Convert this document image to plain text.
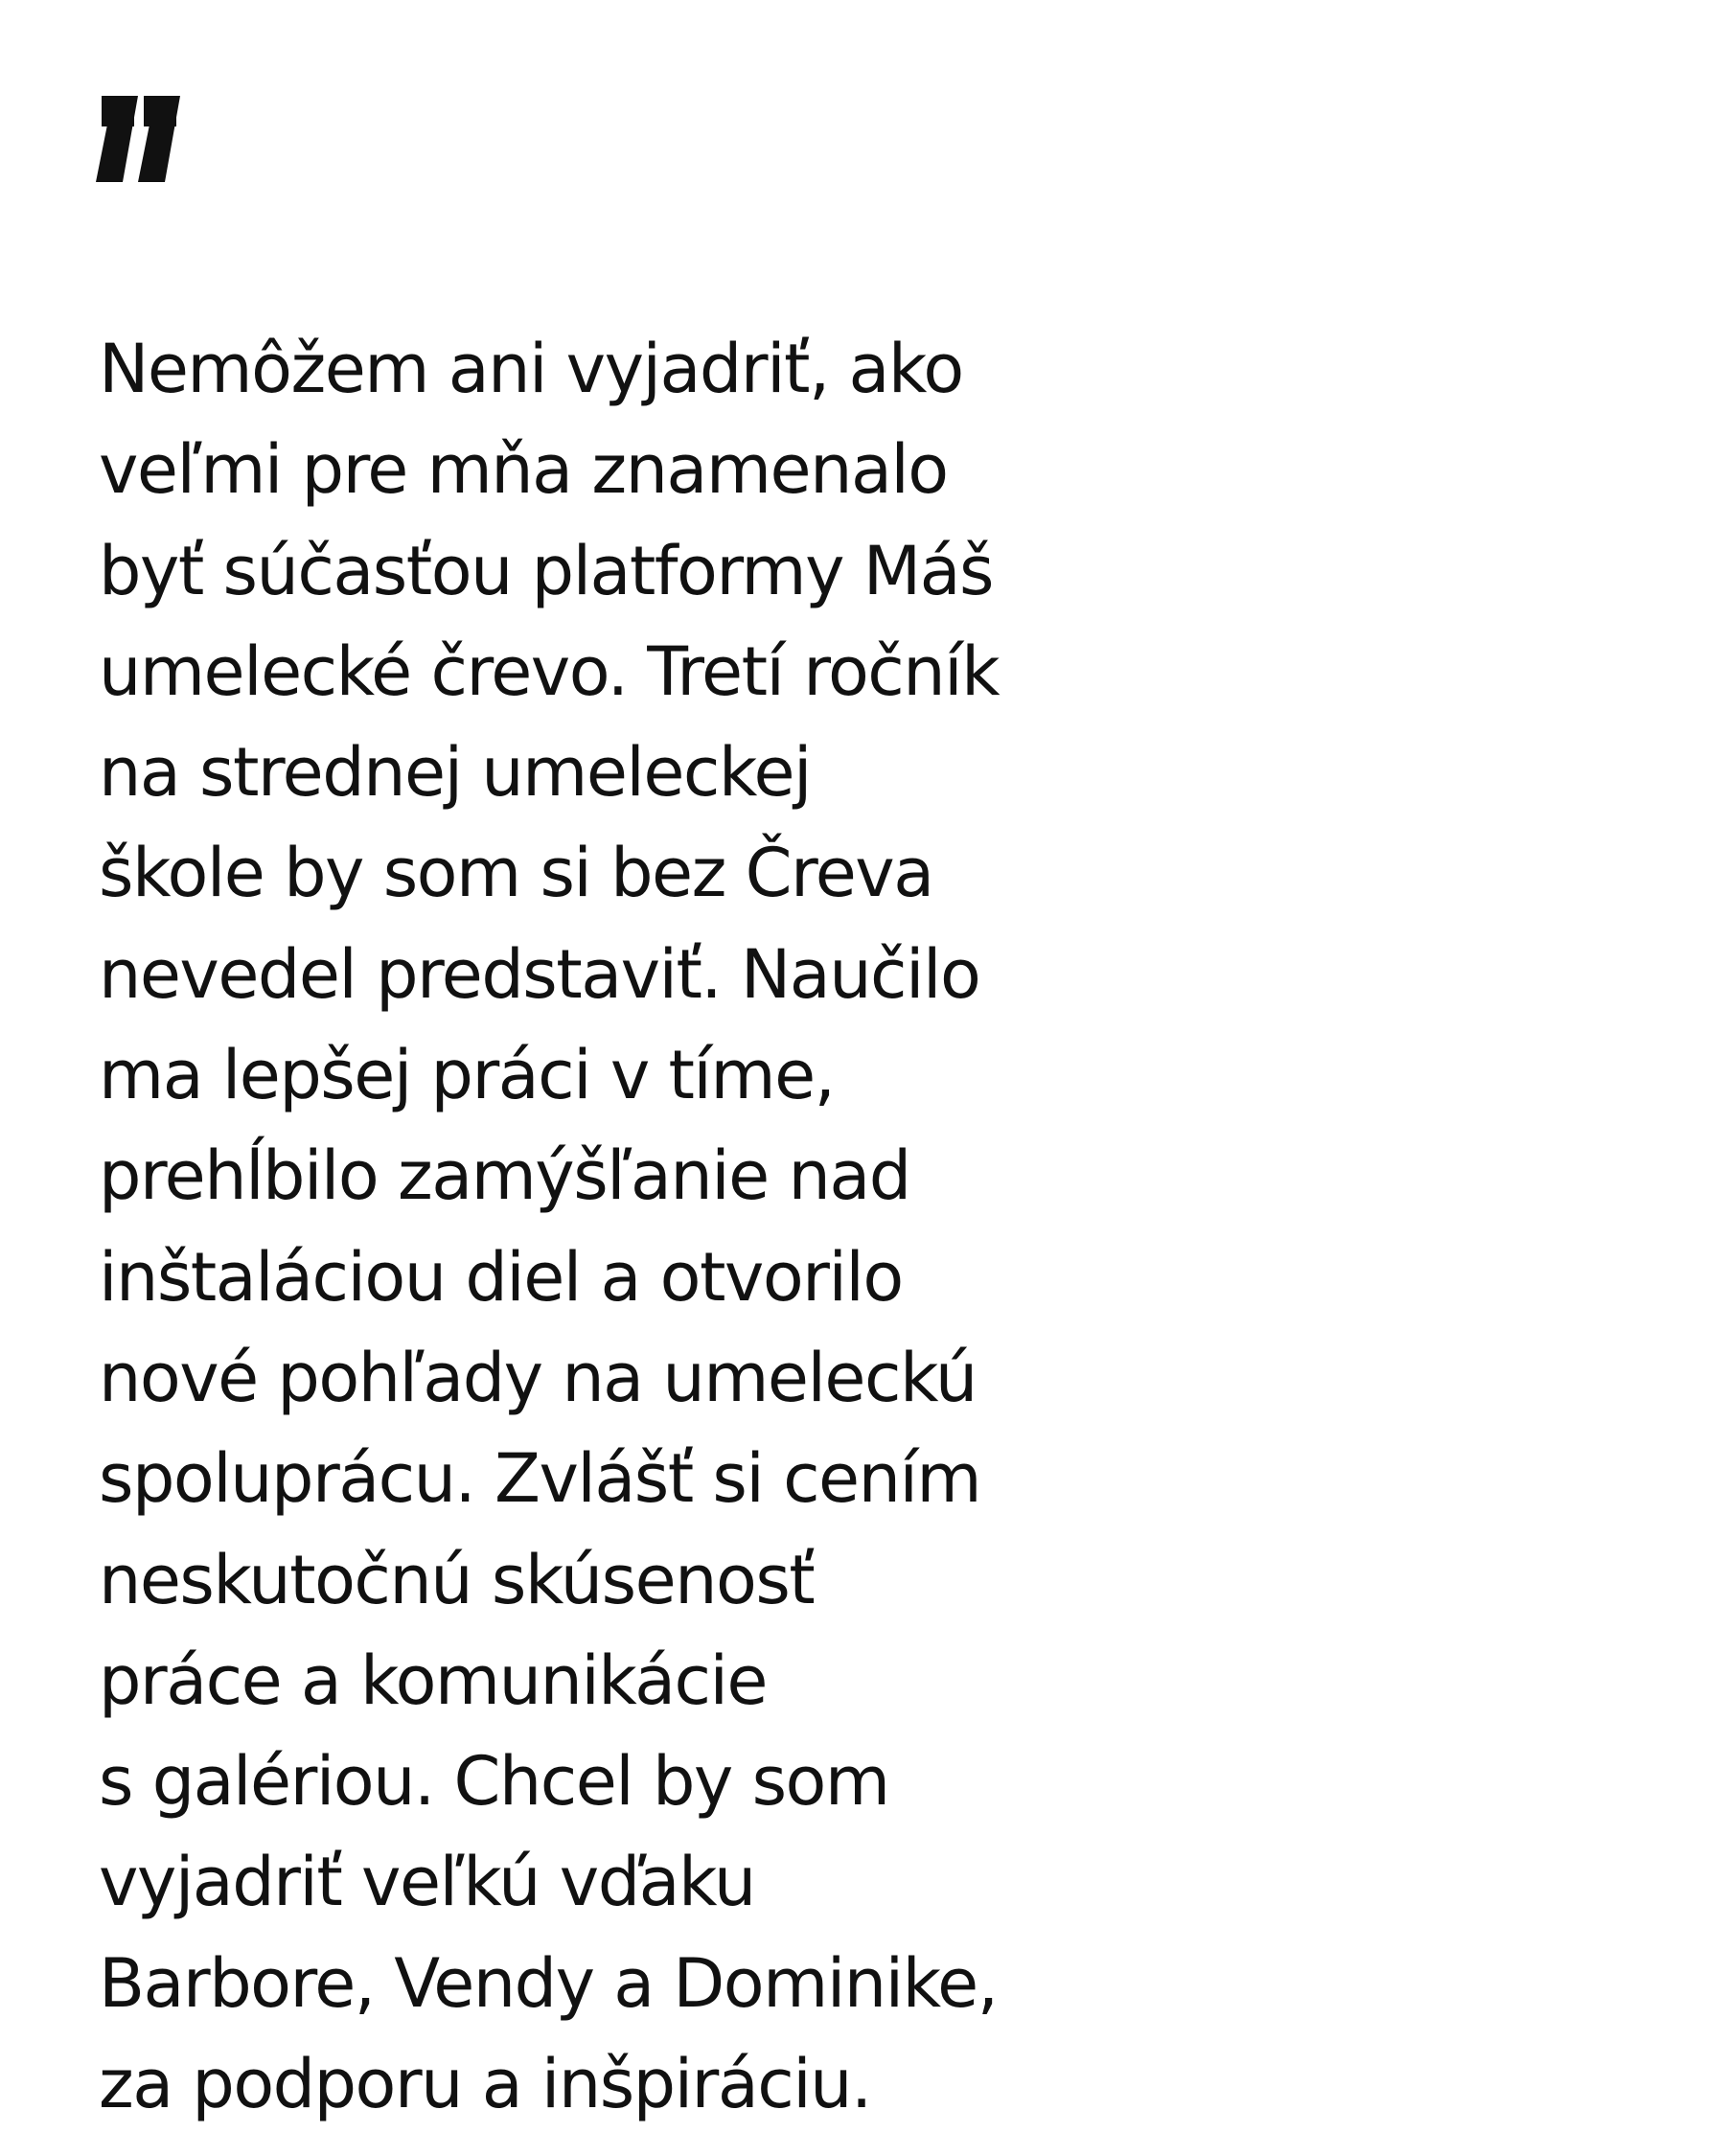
Nemôžem ani vyjadriť, ako
veľmi pre mňa znamenalo
byť súčasťou platformy Máš
umelecké črevo. Tretí ročník
na strednej umeleckej
škole by som si bez Čreva
nevedel predstaviť. Naučilo
ma lepšej práci v tíme,
prehĺbilo zamýšľanie nad
inštaláciou diel a otvorilo
nové pohľady na umeleckú
spoluprácu. Zvlášť si cením
neskutočnú skúsenosť
práce a komunikácie
s galériou. Chcel by som
vyjadriť veľkú vďaku
Barbore, Vendy a Dominike,
za podporu a inšpiráciu.
